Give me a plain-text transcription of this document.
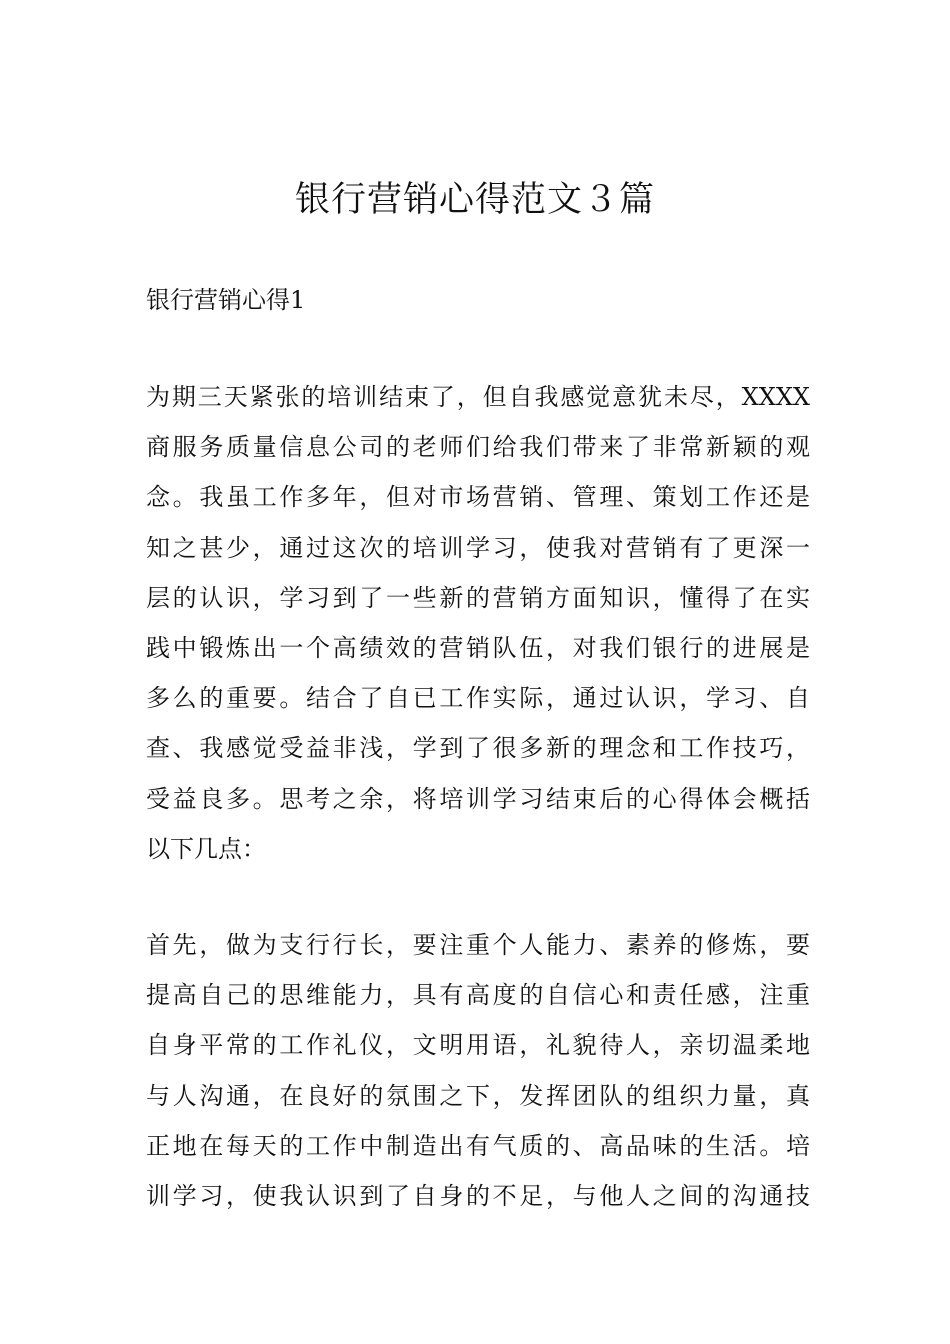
银行营销心得范文３篇
银行营销心得1
为期三天紧张的培训结束了，但自我感觉意犹未尽，XXXX
商服务质量信息公司的老师们给我们带来了非常新颖的观
念。我虽工作多年，但对市场营销、管理、策划工作还是
知之甚少，通过这次的培训学习，使我对营销有了更深一
层的认识，学习到了一些新的营销方面知识，懂得了在实
践中锻炼出一个高绩效的营销队伍，对我们银行的进展是
多么的重要。结合了自已工作实际，通过认识，学习、自
查、我感觉受益非浅，学到了很多新的理念和工作技巧，
受益良多。思考之余，将培训学习结束后的心得体会概括
以下几点：
首先，做为支行行长，要注重个人能力、素养的修炼，要
提高自己的思维能力，具有高度的自信心和责任感，注重
自身平常的工作礼仪，文明用语，礼貌待人，亲切温柔地
与人沟通，在良好的氛围之下，发挥团队的组织力量，真
正地在每天的工作中制造出有气质的、高品味的生活。培
训学习，使我认识到了自身的不足，与他人之间的沟通技
